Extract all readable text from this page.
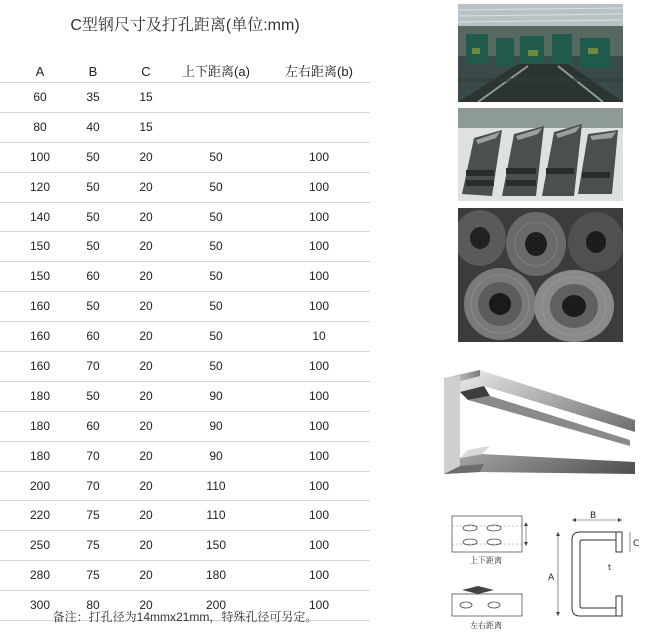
C型钢尺寸及打孔距离(单位:mm)
A	B	C	上下距离(a)	左右距离(b)
60	35	15
80	40	15
100	50	20	50	100
120	50	20	50	100
140	50	20	50	100
150	50	20	50	100
150	60	20	50	100
160	50	20	50	100
160	60	20	50	10
160	70	20	50	100
180	50	20	90	100
180	60	20	90	100
180	70	20	90	100
200	70	20	110	100
220	75	20	110	100
250	75	20	150	100
280	75	20	180	100
300	80	20	200	100
备注：打孔径为14mmx21mm，特殊孔径可另定。
上下距离
左右距离
B
A
C
t
